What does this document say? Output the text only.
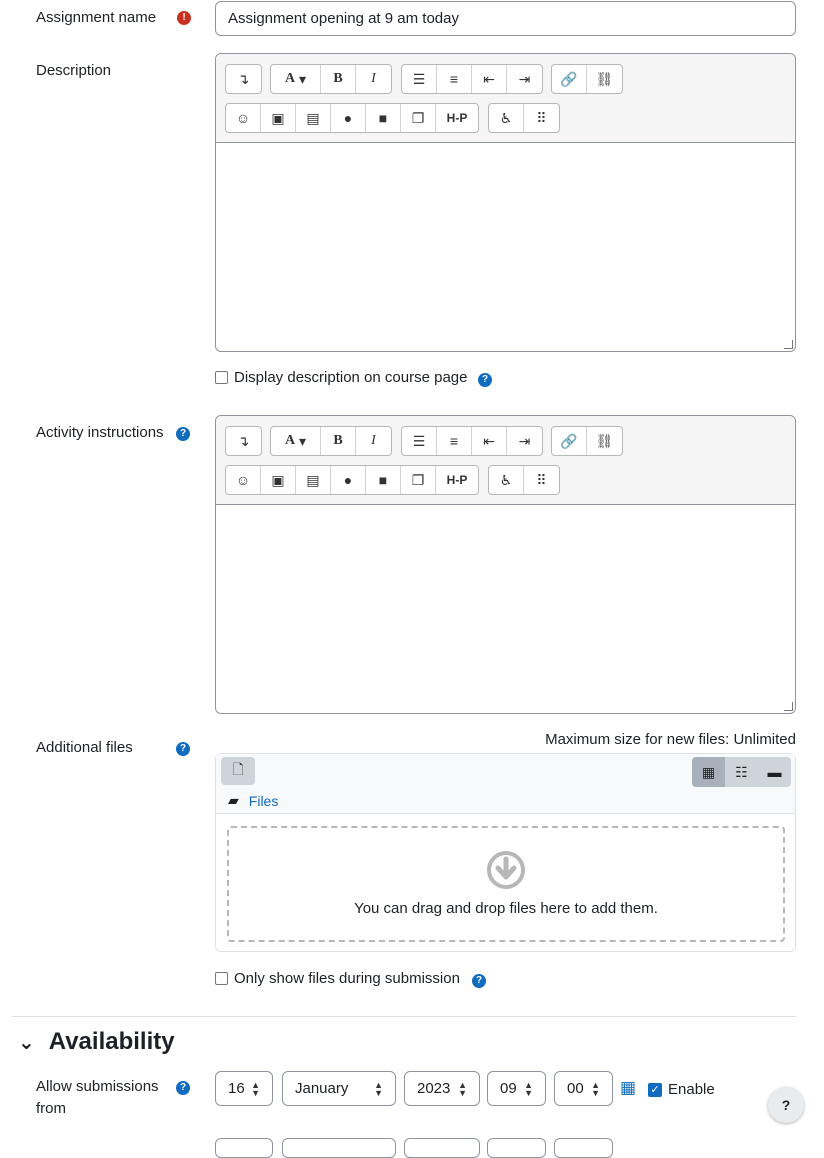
Assignment name	!
Assignment opening at 9 am today
Description	↴	A ▾	B I	☰	≡	⇤	⇥	🔗	⛓
☺	▣	▤	●	■	❐	H-P	♿	⠿
Display description on course page	?
Activity instructions	?	↴	A ▾	B I	☰	≡	⇤	⇥	🔗	⛓
☺	▣	▤	●	■	❐	H-P	♿	⠿
Additional files	?
Maximum size for new files: Unlimited
🗋	▦	☷	▬
▰ Files
You can drag and drop files here to add them.
Only show files during submission	?
⌄ Availability
Allow submissions
from
?	16 ▲
▼ January	▲
▼ 2023 ▲
▼ 09 ▲
▼ 00 ▲
▼ ▦ ✓ Enable
?
